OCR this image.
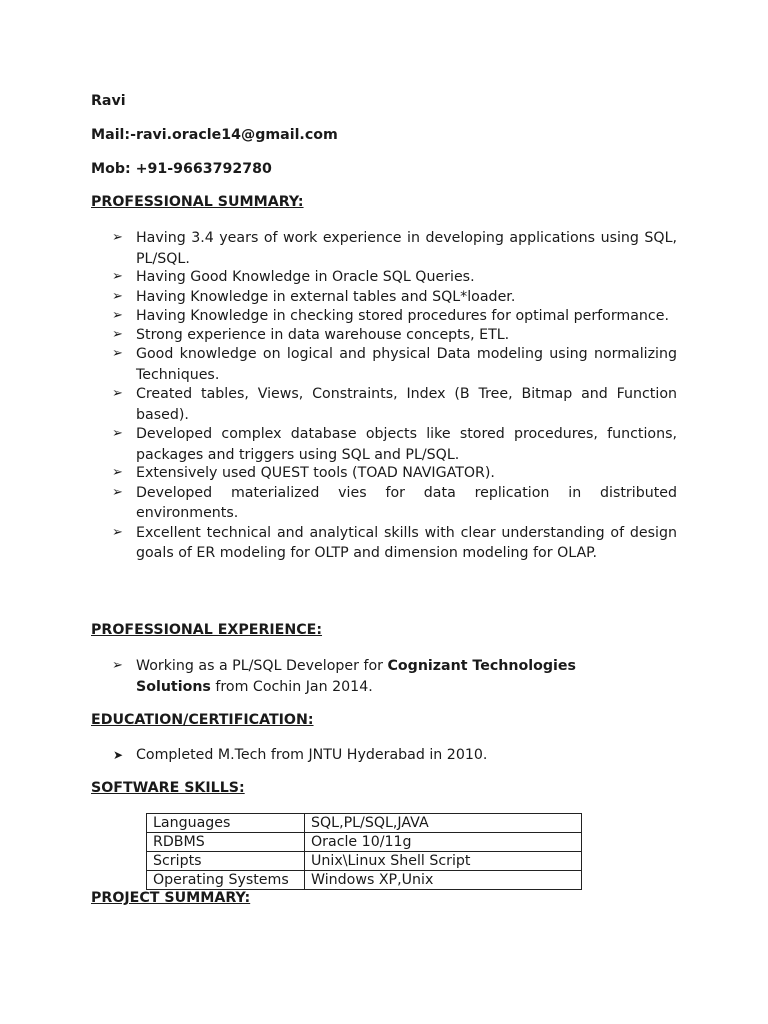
Ravi
Mail:-ravi.oracle14@gmail.com
Mob: +91-9663792780
PROFESSIONAL SUMMARY:
➢ Having 3.4 years of work experience in developing applications using SQL, PL/SQL.
➢ Having Good Knowledge in Oracle SQL Queries.
➢ Having Knowledge in external tables and SQL*loader.
➢ Having Knowledge in checking stored procedures for optimal performance.
➢ Strong experience in data warehouse concepts, ETL.
➢ Good knowledge on logical and physical Data modeling using normalizing Techniques.
➢ Created tables, Views, Constraints, Index (B Tree, Bitmap and Function based).
➢ Developed complex database objects like stored procedures, functions, packages and triggers using SQL and PL/SQL.
➢ Extensively used QUEST tools (TOAD NAVIGATOR).
➢ Developed materialized vies for data replication in distributed environments.
➢ Excellent technical and analytical skills with clear understanding of design goals of ER modeling for OLTP and dimension modeling for OLAP.
PROFESSIONAL EXPERIENCE:
➢ Working as a PL/SQL Developer for Cognizant Technologies Solutions from Cochin Jan 2014.
EDUCATION/CERTIFICATION:
➤ Completed M.Tech from JNTU Hyderabad in 2010.
SOFTWARE SKILLS:
Languages	SQL,PL/SQL,JAVA
RDBMS	Oracle 10/11g
Scripts	Unix\Linux Shell Script
Operating Systems	Windows XP,Unix
PROJECT SUMMARY:
